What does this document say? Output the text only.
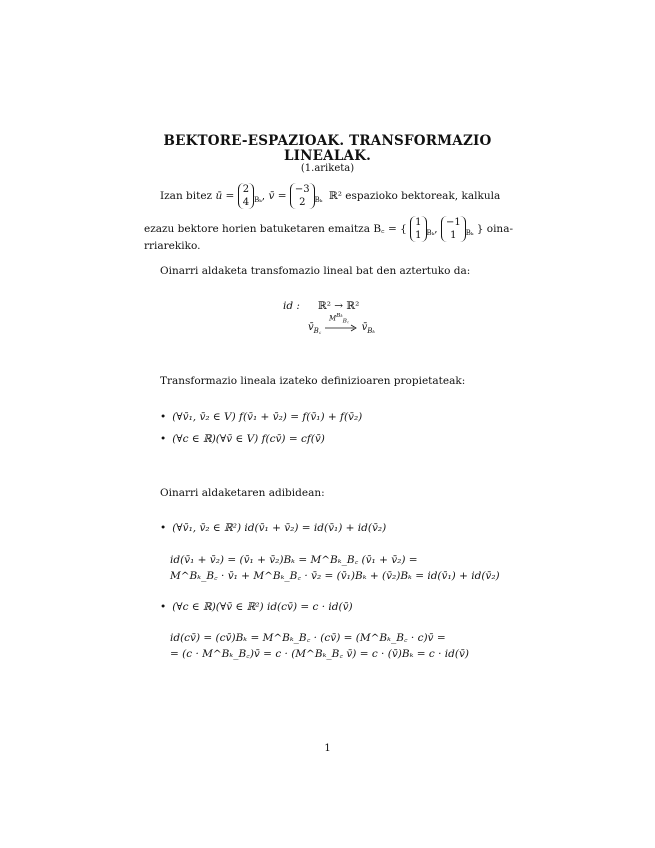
BEKTORE-ESPAZIOAK. TRANSFORMAZIO
LINEALAK.
(1.ariketa)
Izan bitez ū =
2
4 $_{B_k}$, v̄ =
−3
2	$_{B_k}$ ℝ² espazioko bektoreak, kalkula
ezazu bektore horien batuketaren emaitza B꜀ = {
1
1 $_{B_k}$,
−1
1	$_{B_k}$ } oina-
rriarekiko.
Oinarri aldaketa transfomazio lineal bat den aztertuko da:
id : ℝ² → ℝ²
$M^{B_k}_{B꜀}$
$v̄_{B꜀}$	$v̄_{B_k}$
Transformazio lineala izateko definizioaren propietateak:
• (∀v̄₁, v̄₂ ∈ V) f(v̄₁ + v̄₂) = f(v̄₁) + f(v̄₂)
• (∀c ∈ ℝ)(∀v̄ ∈ V) f(cv̄) = cf(v̄)
Oinarri aldaketaren adibidean:
• (∀v̄₁, v̄₂ ∈ ℝ²) id(v̄₁ + v̄₂) = id(v̄₁) + id(v̄₂)
id(v̄₁ + v̄₂) = (v̄₁ + v̄₂)Bₖ = M^Bₖ_B꜀ (v̄₁ + v̄₂) =
M^Bₖ_B꜀ · v̄₁ + M^Bₖ_B꜀ · v̄₂ = (v̄₁)Bₖ + (v̄₂)Bₖ = id(v̄₁) + id(v̄₂)
• (∀c ∈ ℝ)(∀v̄ ∈ ℝ²) id(cv̄) = c · id(v̄)
id(cv̄) = (cv̄)Bₖ = M^Bₖ_B꜀ · (cv̄) = (M^Bₖ_B꜀ · c)v̄ =
= (c · M^Bₖ_B꜀)v̄ = c · (M^Bₖ_B꜀ v̄) = c · (v̄)Bₖ = c · id(v̄)
1
